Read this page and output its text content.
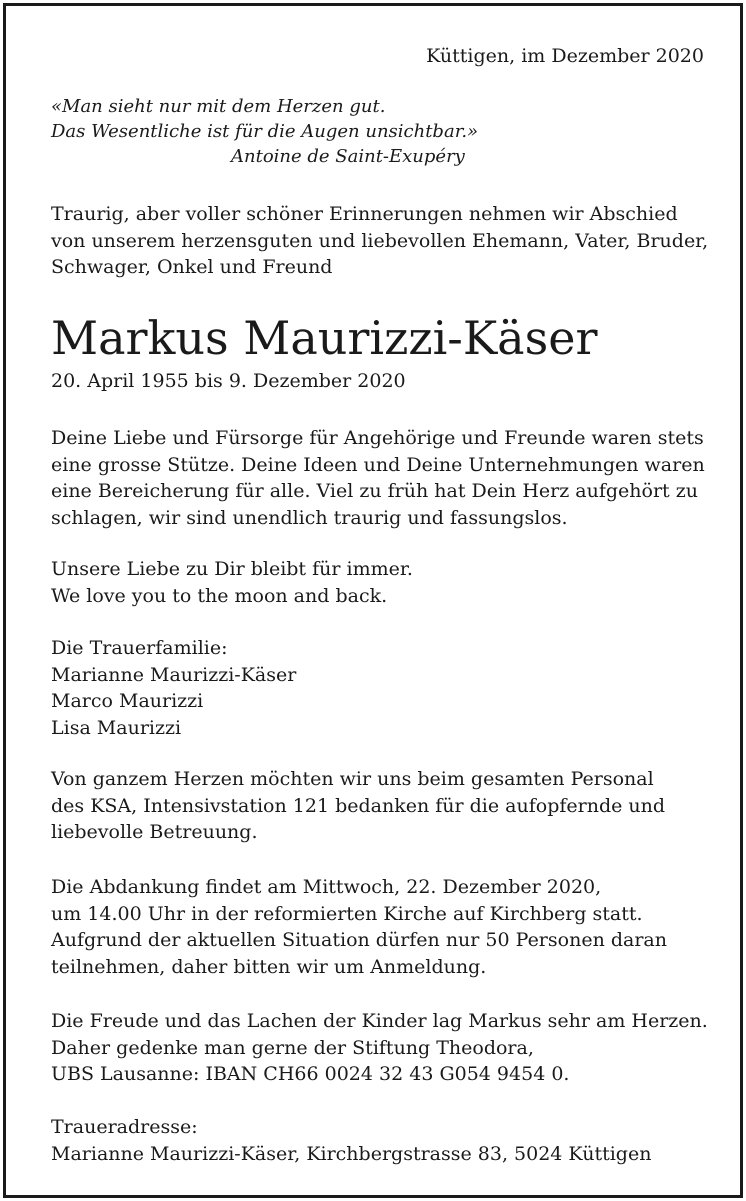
Küttigen, im Dezember 2020
«Man sieht nur mit dem Herzen gut.
Das Wesentliche ist für die Augen unsichtbar.»
Antoine de Saint-Exupéry
Traurig, aber voller schöner Erinnerungen nehmen wir Abschied
von unserem herzensguten und liebevollen Ehemann, Vater, Bruder,
Schwager, Onkel und Freund
Markus Maurizzi-Käser
20. April 1955 bis 9. Dezember 2020
Deine Liebe und Fürsorge für Angehörige und Freunde waren stets
eine grosse Stütze. Deine Ideen und Deine Unternehmungen waren
eine Bereicherung für alle. Viel zu früh hat Dein Herz aufgehört zu
schlagen, wir sind unendlich traurig und fassungslos.
Unsere Liebe zu Dir bleibt für immer.
We love you to the moon and back.
Die Trauerfamilie:
Marianne Maurizzi-Käser
Marco Maurizzi
Lisa Maurizzi
Von ganzem Herzen möchten wir uns beim gesamten Personal
des KSA, Intensivstation 121 bedanken für die aufopfernde und
liebevolle Betreuung.
Die Abdankung findet am Mittwoch, 22. Dezember 2020,
um 14.00 Uhr in der reformierten Kirche auf Kirchberg statt.
Aufgrund der aktuellen Situation dürfen nur 50 Personen daran
teilnehmen, daher bitten wir um Anmeldung.
Die Freude und das Lachen der Kinder lag Markus sehr am Herzen.
Daher gedenke man gerne der Stiftung Theodora,
UBS Lausanne: IBAN CH66 0024 32 43 G054 9454 0.
Traueradresse:
Marianne Maurizzi-Käser, Kirchbergstrasse 83, 5024 Küttigen
